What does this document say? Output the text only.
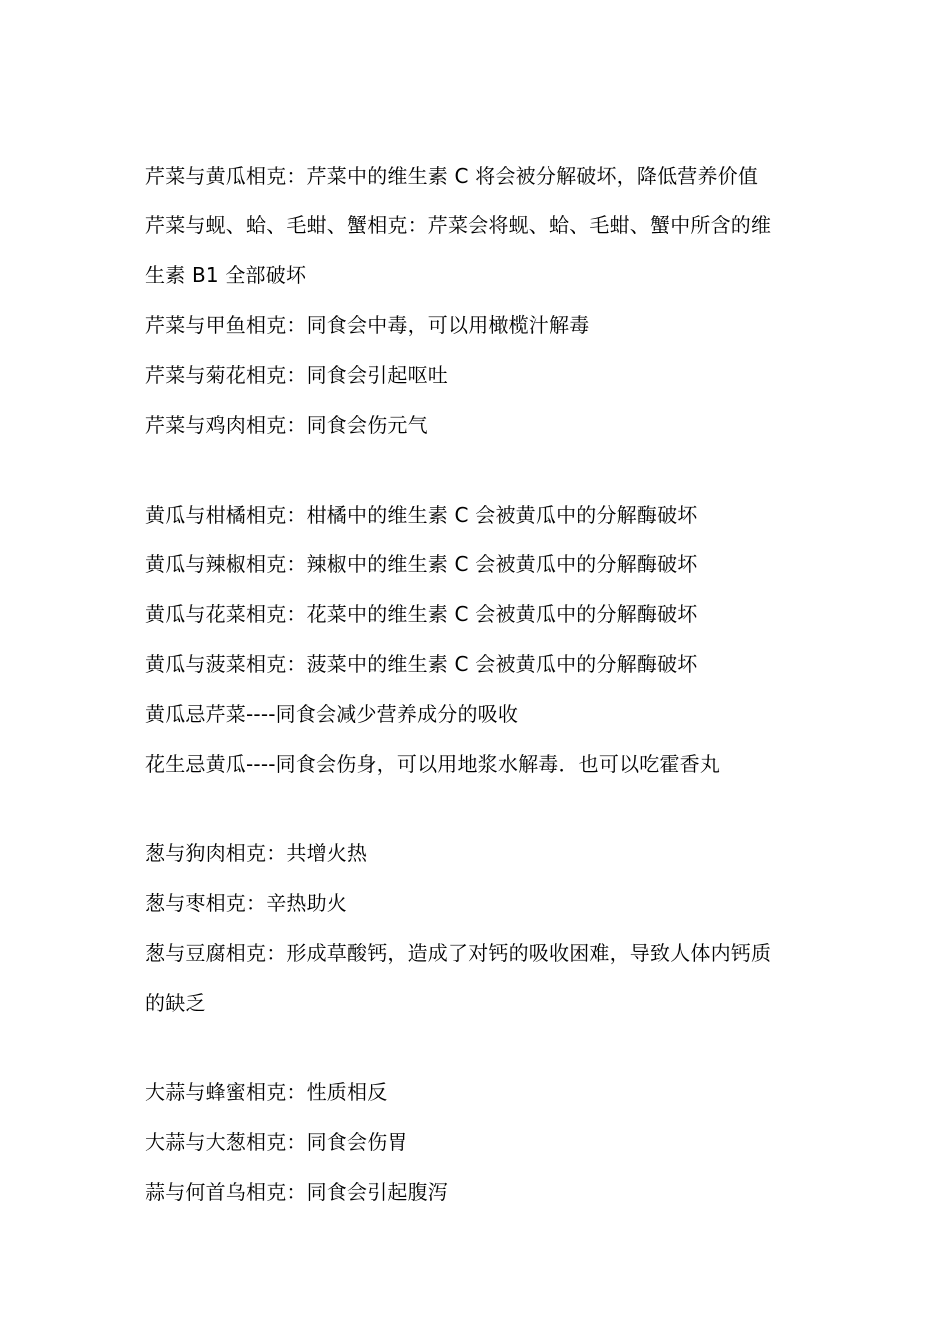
芹菜与黄瓜相克：芹菜中的维生素 C 将会被分解破坏，降低营养价值
芹菜与蚬、蛤、毛蚶、蟹相克：芹菜会将蚬、蛤、毛蚶、蟹中所含的维
生素 B1 全部破坏
芹菜与甲鱼相克：同食会中毒，可以用橄榄汁解毒
芹菜与菊花相克：同食会引起呕吐
芹菜与鸡肉相克：同食会伤元气
黄瓜与柑橘相克：柑橘中的维生素 C 会被黄瓜中的分解酶破坏
黄瓜与辣椒相克：辣椒中的维生素 C 会被黄瓜中的分解酶破坏
黄瓜与花菜相克：花菜中的维生素 C 会被黄瓜中的分解酶破坏
黄瓜与菠菜相克：菠菜中的维生素 C 会被黄瓜中的分解酶破坏
黄瓜忌芹菜----同食会减少营养成分的吸收
花生忌黄瓜----同食会伤身，可以用地浆水解毒．也可以吃霍香丸
葱与狗肉相克：共增火热
葱与枣相克：辛热助火
葱与豆腐相克：形成草酸钙，造成了对钙的吸收困难，导致人体内钙质
的缺乏
大蒜与蜂蜜相克：性质相反
大蒜与大葱相克：同食会伤胃
蒜与何首乌相克：同食会引起腹泻
